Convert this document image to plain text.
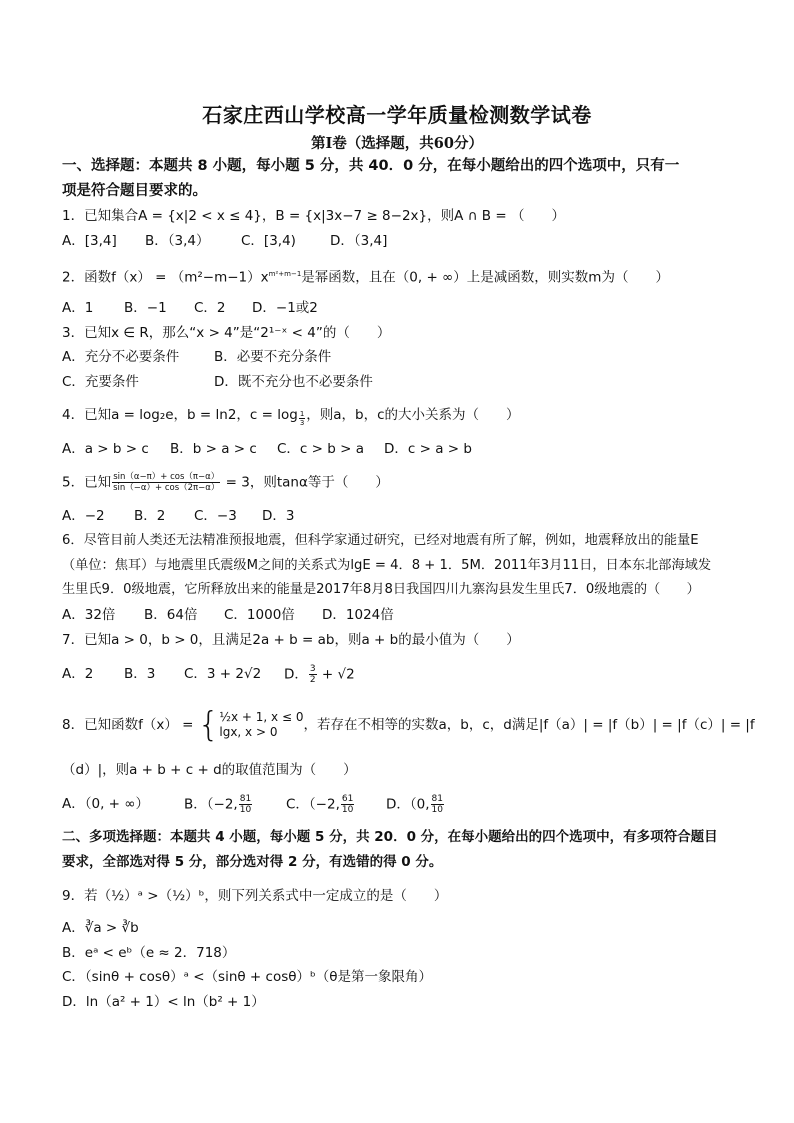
石家庄西山学校高一学年质量检测数学试卷
第Ⅰ卷（选择题，共60分）
一、选择题：本题共 8 小题，每小题 5 分，共 40．0 分，在每小题给出的四个选项中，只有一
项是符合题目要求的。
1．已知集合A = {x|2 < x ≤ 4}，B = {x|3x−7 ≥ 8−2x}，则A ∩ B = （　　）
A．[3,4] B．（3,4） C．[3,4)	D．（3,4]
2．函数$f(x) = (m^2-m-1)x^{m^2+m-1}$是幂函数，且在（0, + ∞）上是减函数，则实数m为（　　）
A．1 B．−1 C．2 D．−1或2
3．已知x ∈ R，那么“x > 4”是“2¹⁻ˣ < 4”的（　　）
A．充分不必要条件	B．必要不充分条件
C．充要条件	D．既不充分也不必要条件
4．已知a = log₂e，b = ln2，$c = \log \frac{1}{3}$ ，则a，b，c的大小关系为（　　）
A．a > b > c B．b > a > c C．c > b > a D．c > a > b
5．已知 $\frac{\sin(\alpha-\pi)+ \cos(\pi-\alpha)}{\sin(-\alpha)+ \cos(2\pi-\alpha)} = 3$，则tanα等于（　　）
A．−2 B．2 C．−3 D．3
6．尽管目前人类还无法精准预报地震，但科学家通过研究，已经对地震有所了解，例如，地震释放出的能量E
（单位：焦耳）与地震里氏震级M之间的关系式为lgE = 4．8 + 1．5M．2011年3月11日，日本东北部海域发
生里氏9．0级地震，它所释放出来的能量是2017年8月8日我国四川九寨沟县发生里氏7．0级地震的（　　）
A．32倍 B．64倍 C．1000倍 D．1024倍
7．已知a > 0，b > 0，且满足2a + b = ab，则a + b的最小值为（　　）
A．2 B．3 C．3 + 2√2 D． $\frac{3}{2} + √2$
8．已知函数f（x） = { ½x + 1, x ≤ 0
lgx, x > 0	，若存在不相等的实数a，b，c，d满足|f（a）| = |f（b）| = |f（c）| = |f
（d）|，则a + b + c + d的取值范围为（　　）
A．（0, + ∞）	B．（−2, $\frac{81}{10}$	C．（−2, $\frac{61}{10}$ D．（0, $\frac{81}{10}$
二、多项选择题：本题共 4 小题，每小题 5 分，共 20．0 分，在每小题给出的四个选项中，有多项符合题目
要求，全部选对得 5 分，部分选对得 2 分，有选错的得 0 分。
9．若（½）ᵃ >（½）ᵇ，则下列关系式中一定成立的是（　　）
A．∛a > ∛b
B．eᵃ < eᵇ（e ≈ 2．718）
C．（sinθ + cosθ）ᵃ <（sinθ + cosθ）ᵇ（θ是第一象限角）
D．ln（a² + 1）< ln（b² + 1）
